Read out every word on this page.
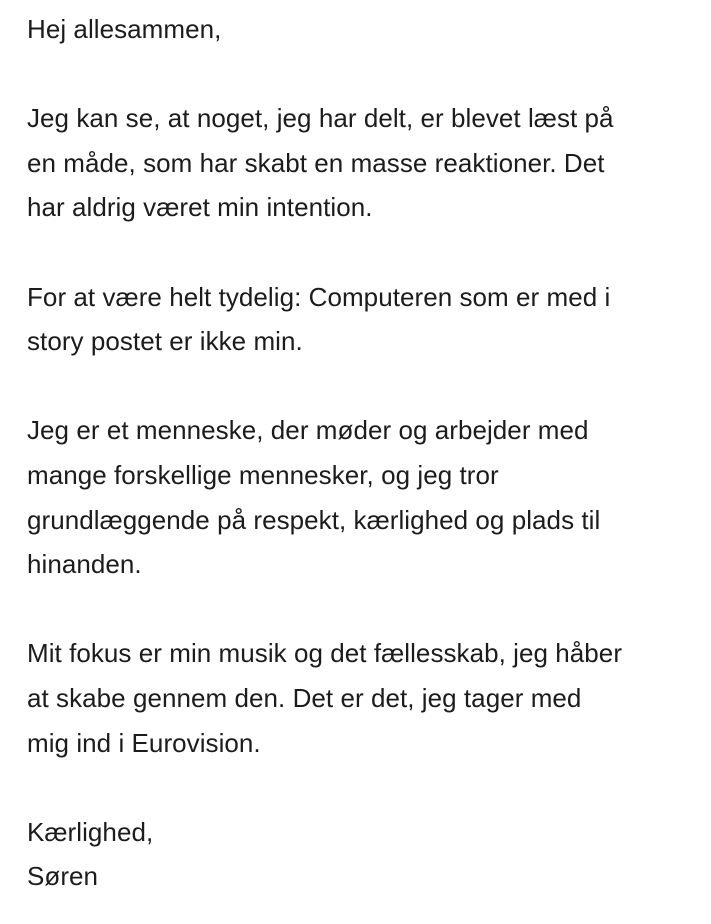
Hej allesammen,

Jeg kan se, at noget, jeg har delt, er blevet læst på
en måde, som har skabt en masse reaktioner. Det
har aldrig været min intention.

For at være helt tydelig: Computeren som er med i
story postet er ikke min.

Jeg er et menneske, der møder og arbejder med
mange forskellige mennesker, og jeg tror
grundlæggende på respekt, kærlighed og plads til
hinanden.

Mit fokus er min musik og det fællesskab, jeg håber
at skabe gennem den. Det er det, jeg tager med
mig ind i Eurovision.

Kærlighed,
Søren
